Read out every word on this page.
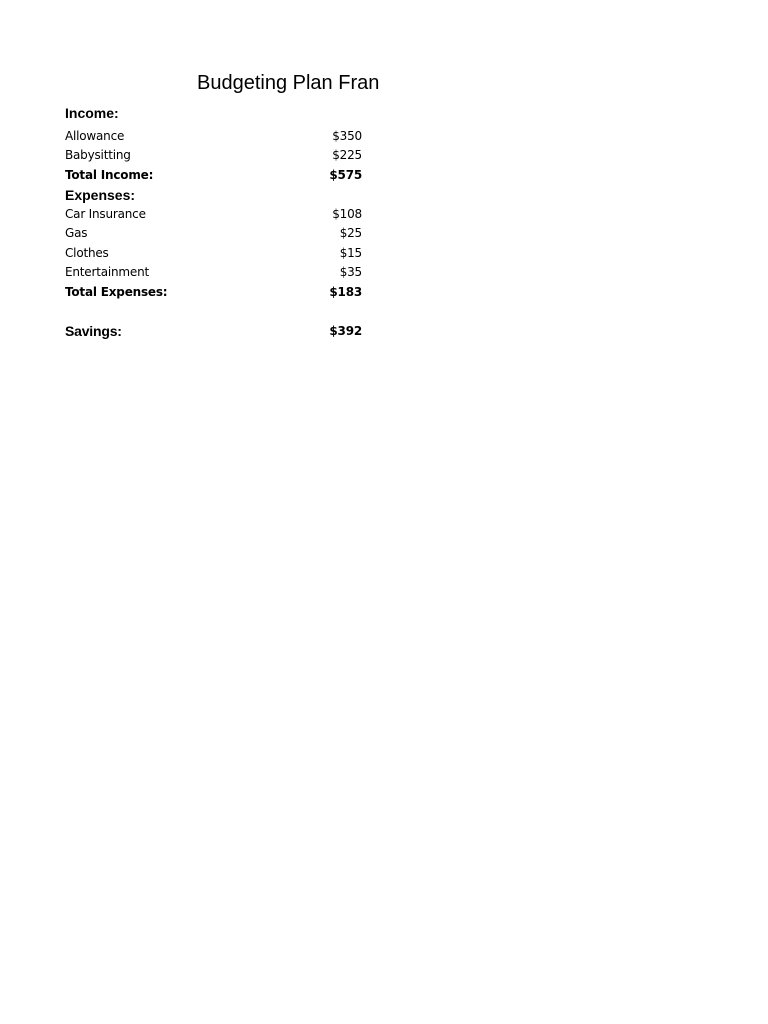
Budgeting Plan Fran
Income:
Allowance	$350
Babysitting	$225
Total Income:	$575
Expenses:
Car Insurance	$108
Gas	$25
Clothes	$15
Entertainment	$35
Total Expenses:	$183
Savings:	$392
